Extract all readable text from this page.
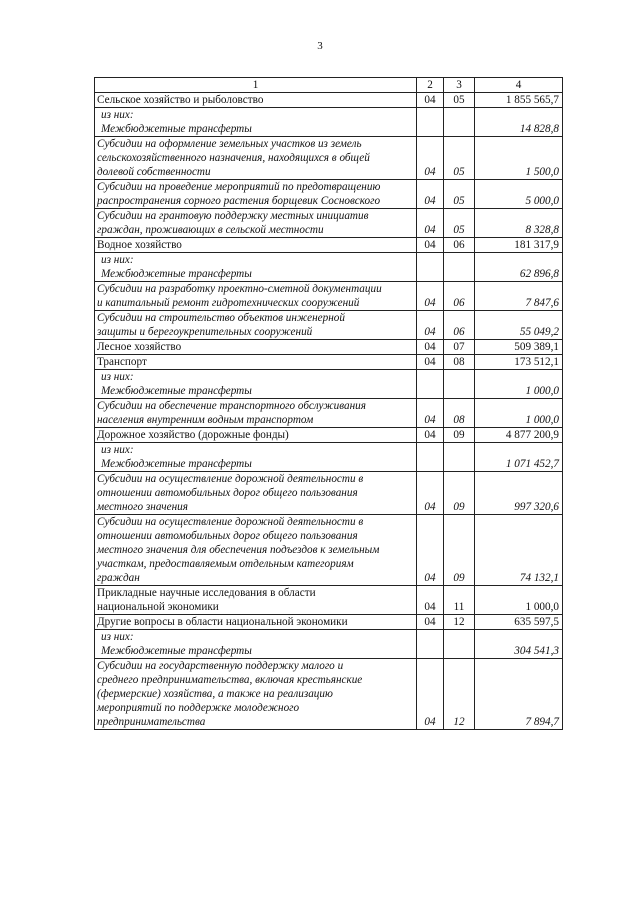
3
1	2	3	4

Сельское хозяйство и рыболовство	04	05	1 855 565,7

из них:
Межбюджетные трансферты			14 828,8

Субсидии на оформление земельных участков из земель
сельскохозяйственного назначения, находящихся в общей
долевой собственности	04	05	1 500,0

Субсидии на проведение мероприятий по предотвращению
распространения сорного растения борщевик Сосновского	04	05	5 000,0

Субсидии на грантовую поддержку местных инициатив
граждан, проживающих в сельской местности	04	05	8 328,8

Водное хозяйство	04	06	181 317,9

из них:
Межбюджетные трансферты			62 896,8

Субсидии на разработку проектно-сметной документации
и капитальный ремонт гидротехнических сооружений	04	06	7 847,6

Субсидии на строительство объектов инженерной
защиты и берегоукрепительных сооружений	04	06	55 049,2

Лесное хозяйство	04	07	509 389,1

Транспорт	04	08	173 512,1

из них:
Межбюджетные трансферты			1 000,0

Субсидии на обеспечение транспортного обслуживания
населения внутренним водным транспортом	04	08	1 000,0

Дорожное хозяйство (дорожные фонды)	04	09	4 877 200,9

из них:
Межбюджетные трансферты			1 071 452,7

Субсидии на осуществление дорожной деятельности в
отношении автомобильных дорог общего пользования
местного значения	04	09	997 320,6

Субсидии на осуществление дорожной деятельности в
отношении автомобильных дорог общего пользования
местного значения для обеспечения подъездов к земельным
участкам, предоставляемым отдельным категориям
граждан	04	09	74 132,1

Прикладные научные исследования в области
национальной экономики	04	11	1 000,0

Другие вопросы в области национальной экономики	04	12	635 597,5

из них:
Межбюджетные трансферты			304 541,3

Субсидии на государственную поддержку малого и
среднего предпринимательства, включая крестьянские
(фермерские) хозяйства, а также на реализацию
мероприятий по поддержке молодежного
предпринимательства	04	12	7 894,7
